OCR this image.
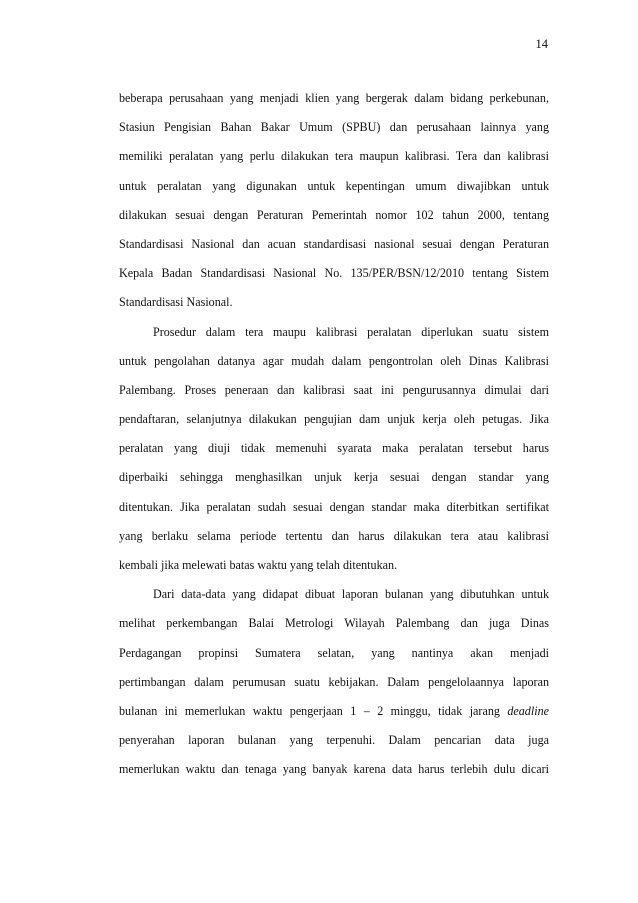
14
beberapa perusahaan yang menjadi klien yang bergerak dalam bidang perkebunan,
Stasiun Pengisian Bahan Bakar Umum (SPBU) dan perusahaan lainnya yang
memiliki peralatan yang perlu dilakukan tera maupun kalibrasi. Tera dan kalibrasi
untuk peralatan yang digunakan untuk kepentingan umum diwajibkan untuk
dilakukan sesuai dengan Peraturan Pemerintah nomor 102 tahun 2000, tentang
Standardisasi Nasional dan acuan standardisasi nasional sesuai dengan Peraturan
Kepala Badan Standardisasi Nasional No. 135/PER/BSN/12/2010 tentang Sistem
Standardisasi Nasional.
Prosedur dalam tera maupu kalibrasi peralatan diperlukan suatu sistem
untuk pengolahan datanya agar mudah dalam pengontrolan oleh Dinas Kalibrasi
Palembang. Proses peneraan dan kalibrasi saat ini pengurusannya dimulai dari
pendaftaran, selanjutnya dilakukan pengujian dam unjuk kerja oleh petugas. Jika
peralatan yang diuji tidak memenuhi syarata maka peralatan tersebut harus
diperbaiki sehingga menghasilkan unjuk kerja sesuai dengan standar yang
ditentukan. Jika peralatan sudah sesuai dengan standar maka diterbitkan sertifikat
yang berlaku selama periode tertentu dan harus dilakukan tera atau kalibrasi
kembali jika melewati batas waktu yang telah ditentukan.
Dari data-data yang didapat dibuat laporan bulanan yang dibutuhkan untuk
melihat perkembangan Balai Metrologi Wilayah Palembang dan juga Dinas
Perdagangan propinsi Sumatera selatan, yang nantinya akan menjadi
pertimbangan dalam perumusan suatu kebijakan. Dalam pengelolaannya laporan
bulanan ini memerlukan waktu pengerjaan 1 – 2 minggu, tidak jarang deadline
penyerahan laporan bulanan yang terpenuhi. Dalam pencarian data juga
memerlukan waktu dan tenaga yang banyak karena data harus terlebih dulu dicari
